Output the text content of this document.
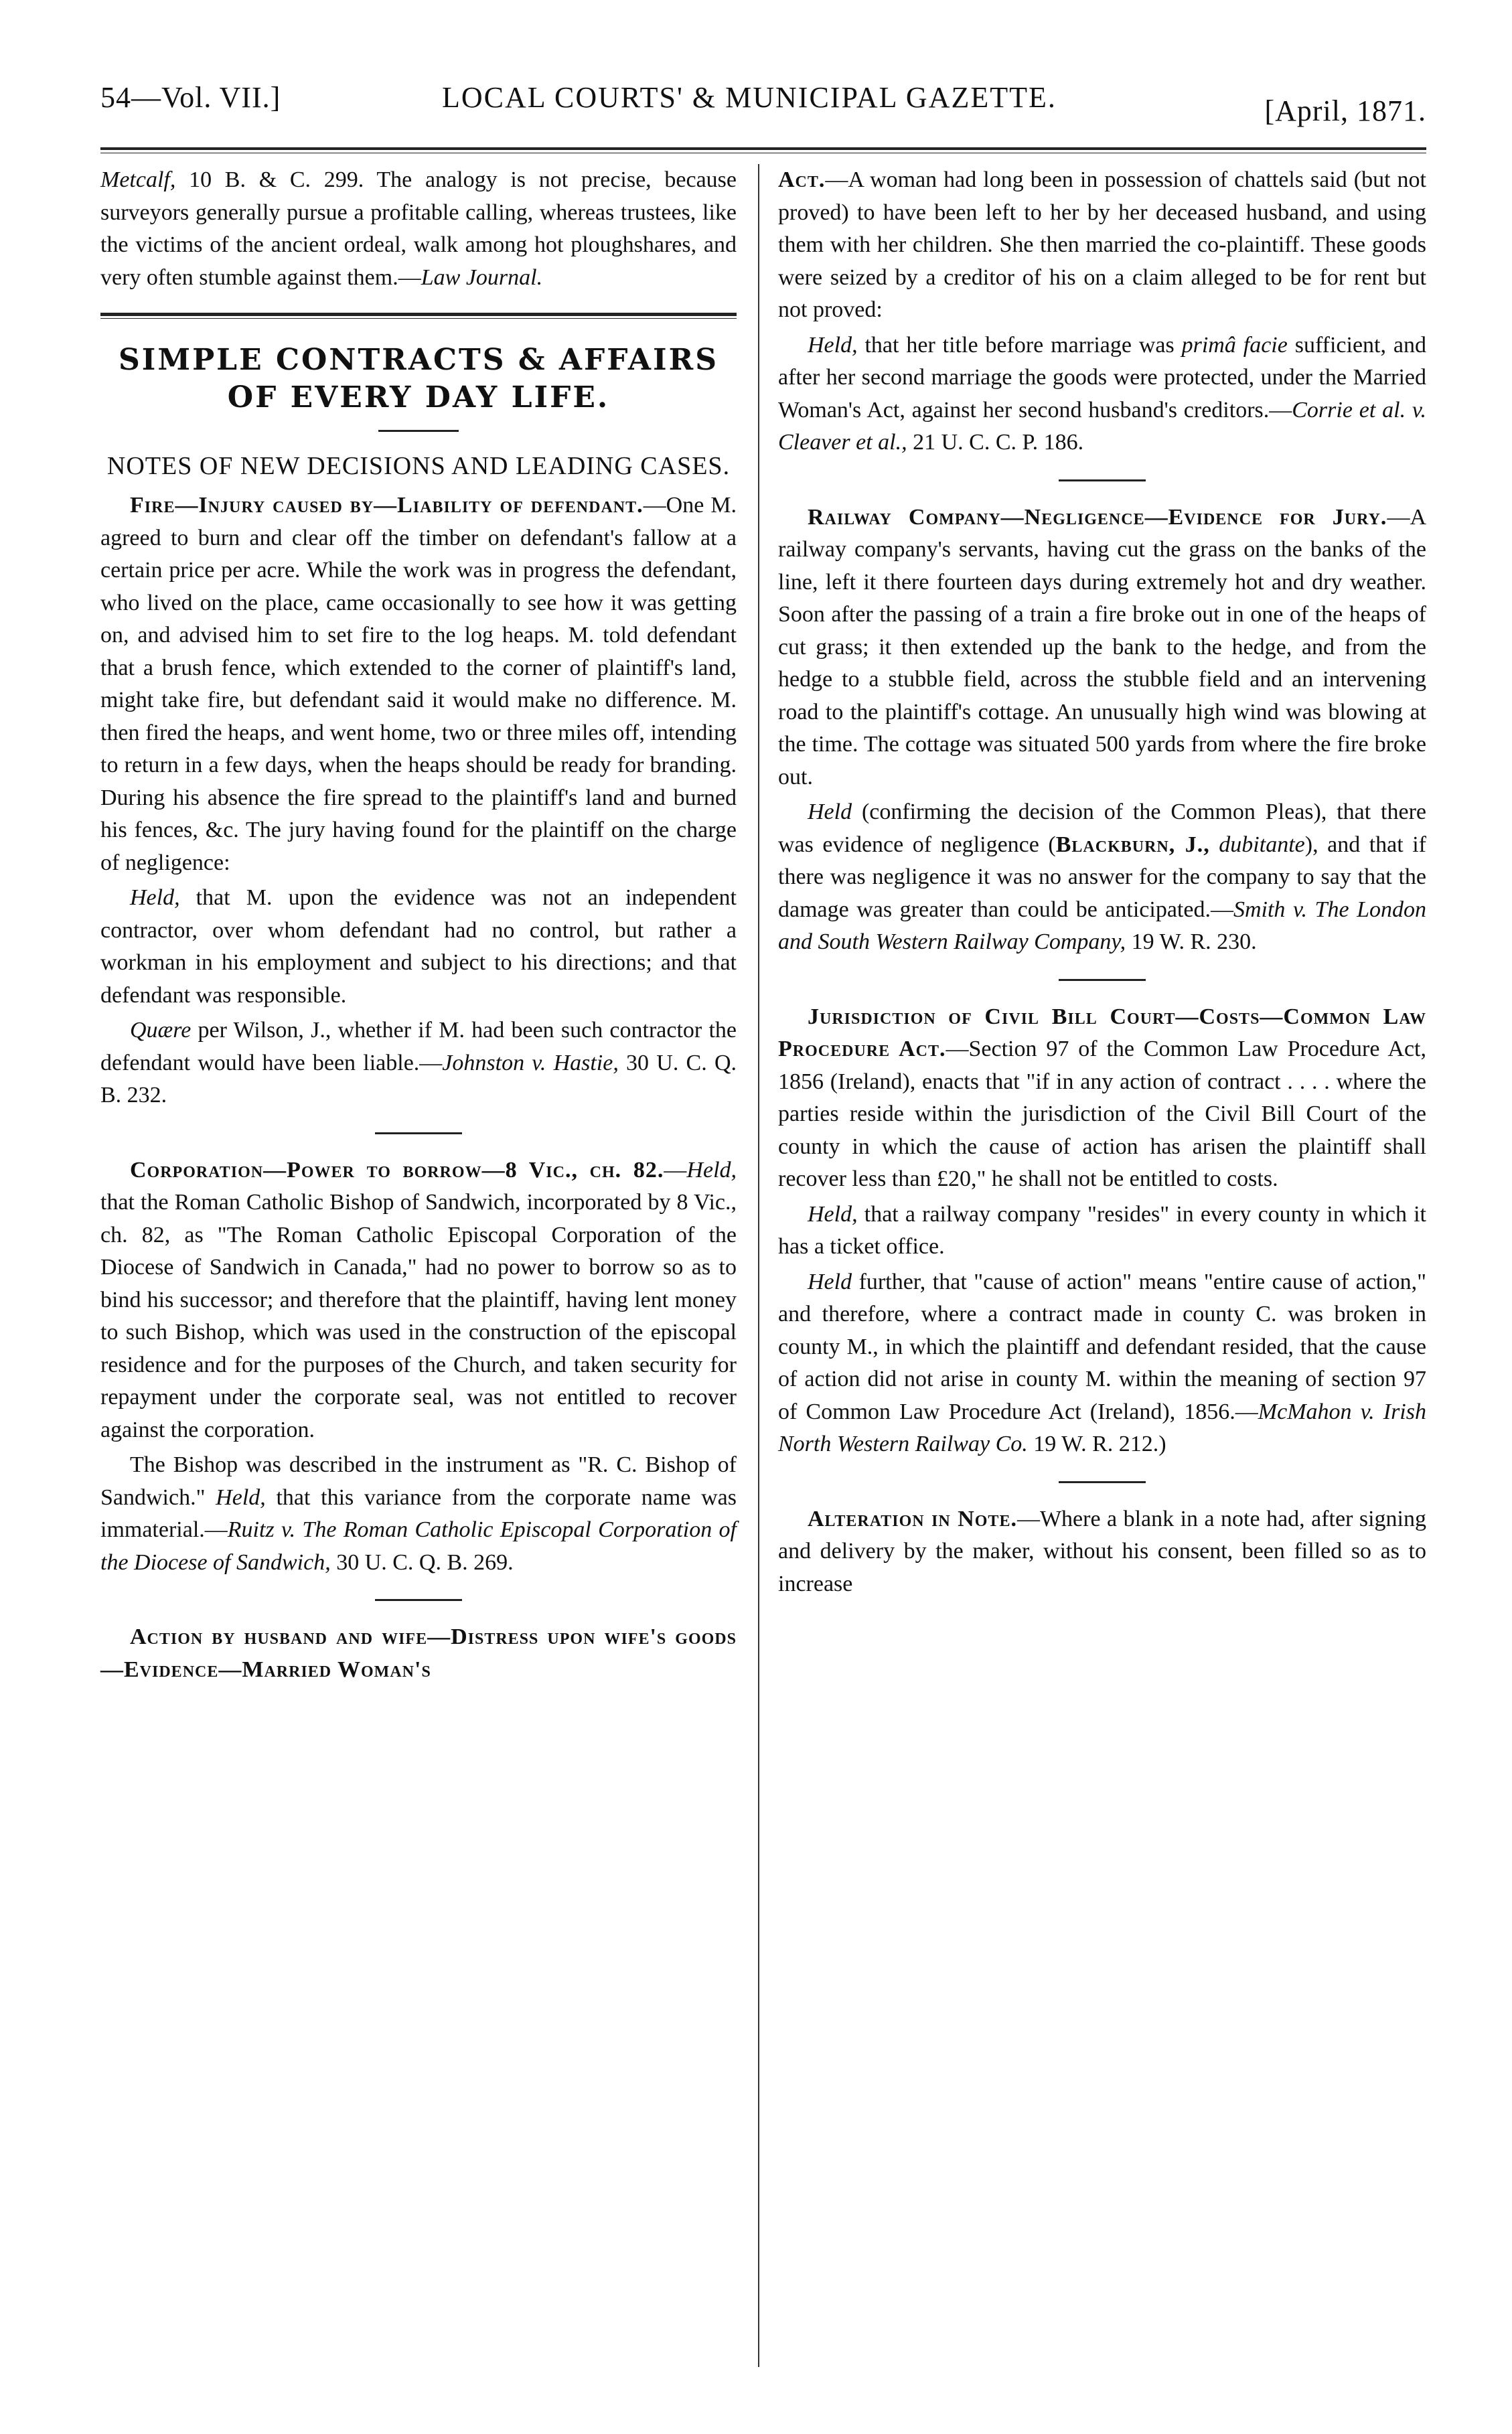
54—Vol. VII.]	LOCAL COURTS' & MUNICIPAL GAZETTE.	[April, 1871.

Metcalf, 10 B. & C. 299. The analogy is not precise, because surveyors generally pursue a profitable calling, whereas trustees, like the victims of the ancient ordeal, walk among hot ploughshares, and very often stumble against them.—Law Journal.

SIMPLE CONTRACTS & AFFAIRS OF EVERY DAY LIFE.
NOTES OF NEW DECISIONS AND LEADING CASES.

Fire—Injury caused by—Liability of defendant.—One M. agreed to burn and clear off the timber on defendant's fallow at a certain price per acre. While the work was in progress the defendant, who lived on the place, came occasionally to see how it was getting on, and advised him to set fire to the log heaps. M. told defendant that a brush fence, which extended to the corner of plaintiff's land, might take fire, but defendant said it would make no difference. M. then fired the heaps, and went home, two or three miles off, intending to return in a few days, when the heaps should be ready for branding. During his absence the fire spread to the plaintiff's land and burned his fences, &c. The jury having found for the plaintiff on the charge of negligence:

Held, that M. upon the evidence was not an independent contractor, over whom defendant had no control, but rather a workman in his employment and subject to his directions; and that defendant was responsible.

Quære per Wilson, J., whether if M. had been such contractor the defendant would have been liable.—Johnston v. Hastie, 30 U. C. Q. B. 232.

Corporation—Power to borrow—8 Vic., ch. 82.—Held, that the Roman Catholic Bishop of Sandwich, incorporated by 8 Vic., ch. 82, as "The Roman Catholic Episcopal Corporation of the Diocese of Sandwich in Canada," had no power to borrow so as to bind his successor; and therefore that the plaintiff, having lent money to such Bishop, which was used in the construction of the episcopal residence and for the purposes of the Church, and taken security for repayment under the corporate seal, was not entitled to recover against the corporation.

The Bishop was described in the instrument as "R. C. Bishop of Sandwich." Held, that this variance from the corporate name was immaterial.—Ruitz v. The Roman Catholic Episcopal Corporation of the Diocese of Sandwich, 30 U. C. Q. B. 269.

Action by husband and wife—Distress upon wife's goods—Evidence—Married Woman's

Act.—A woman had long been in possession of chattels said (but not proved) to have been left to her by her deceased husband, and using them with her children. She then married the co-plaintiff. These goods were seized by a creditor of his on a claim alleged to be for rent but not proved:

Held, that her title before marriage was primâ facie sufficient, and after her second marriage the goods were protected, under the Married Woman's Act, against her second husband's creditors.—Corrie et al. v. Cleaver et al., 21 U. C. C. P. 186.

Railway Company—Negligence—Evidence for Jury.—A railway company's servants, having cut the grass on the banks of the line, left it there fourteen days during extremely hot and dry weather. Soon after the passing of a train a fire broke out in one of the heaps of cut grass; it then extended up the bank to the hedge, and from the hedge to a stubble field, across the stubble field and an intervening road to the plaintiff's cottage. An unusually high wind was blowing at the time. The cottage was situated 500 yards from where the fire broke out.

Held (confirming the decision of the Common Pleas), that there was evidence of negligence (Blackburn, J., dubitante), and that if there was negligence it was no answer for the company to say that the damage was greater than could be anticipated.—Smith v. The London and South Western Railway Company, 19 W. R. 230.

Jurisdiction of Civil Bill Court—Costs—Common Law Procedure Act.—Section 97 of the Common Law Procedure Act, 1856 (Ireland), enacts that "if in any action of contract . . . . where the parties reside within the jurisdiction of the Civil Bill Court of the county in which the cause of action has arisen the plaintiff shall recover less than £20," he shall not be entitled to costs.

Held, that a railway company "resides" in every county in which it has a ticket office.

Held further, that "cause of action" means "entire cause of action," and therefore, where a contract made in county C. was broken in county M., in which the plaintiff and defendant resided, that the cause of action did not arise in county M. within the meaning of section 97 of Common Law Procedure Act (Ireland), 1856.—McMahon v. Irish North Western Railway Co. 19 W. R. 212.)

Alteration in Note.—Where a blank in a note had, after signing and delivery by the maker, without his consent, been filled so as to increase
